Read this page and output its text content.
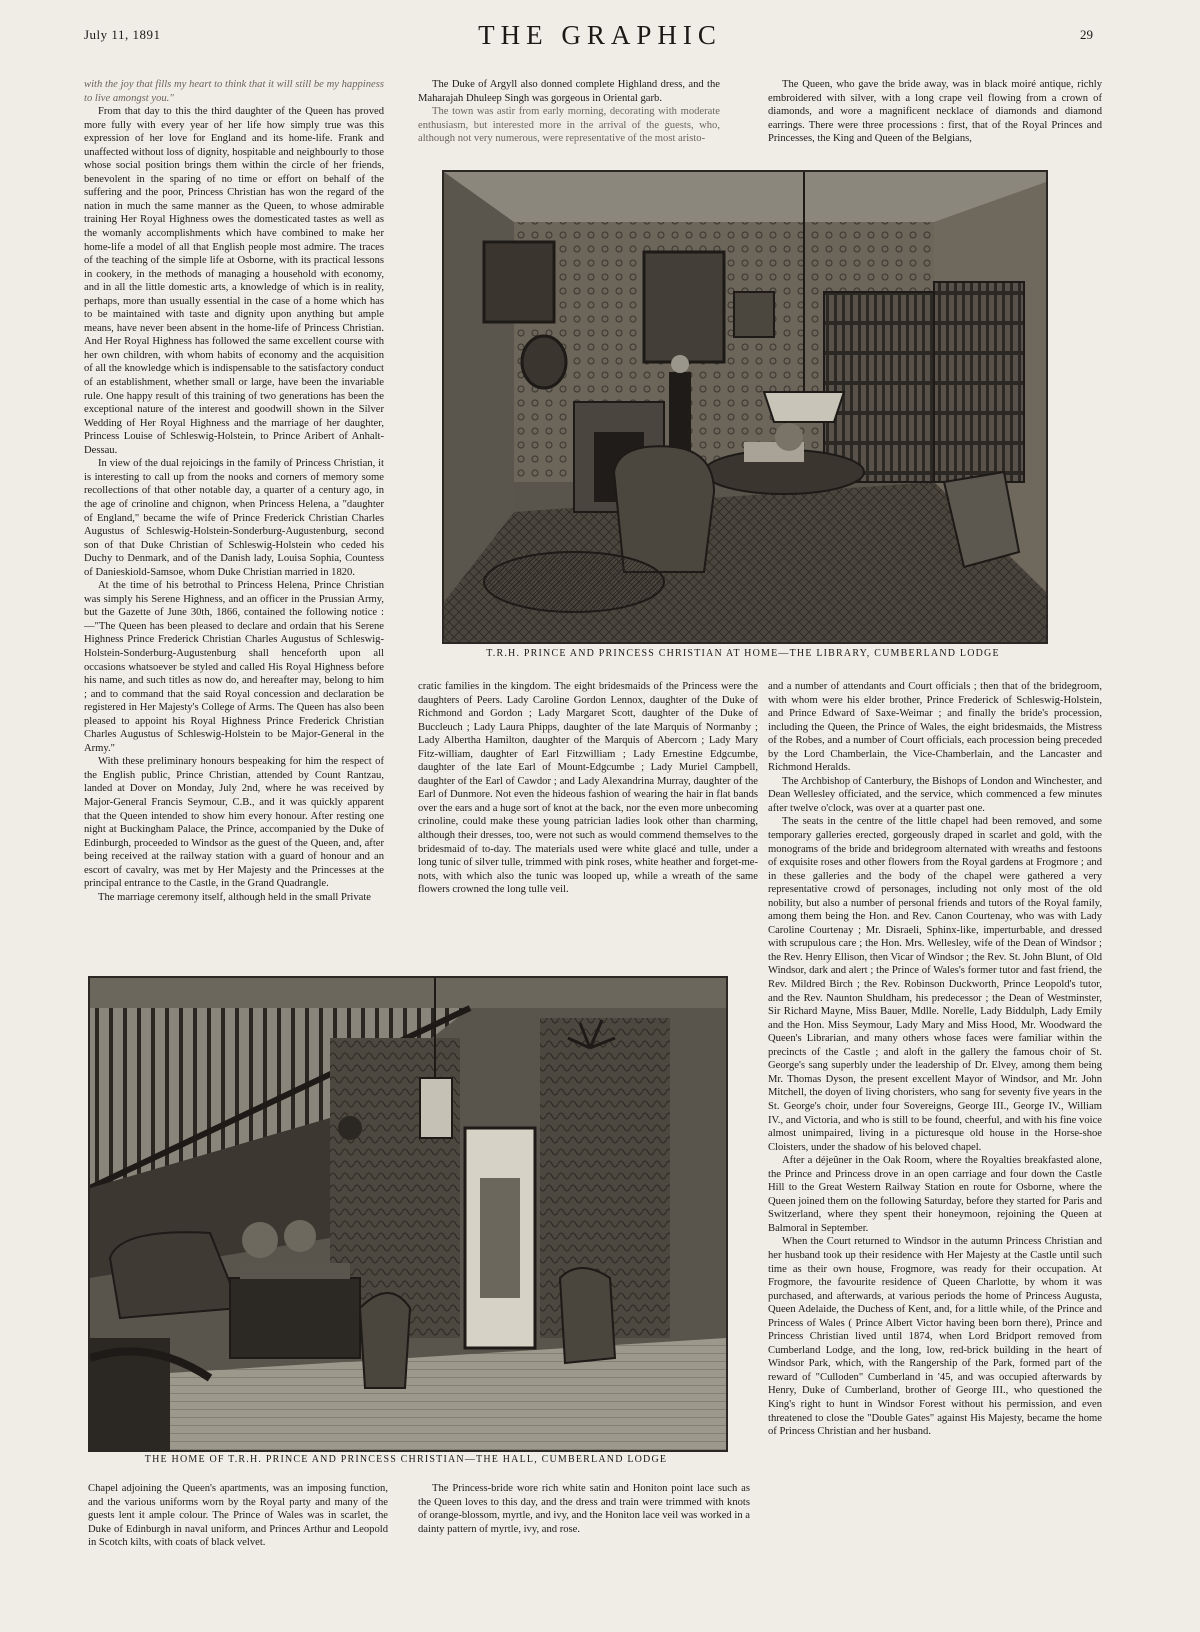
July 11, 1891	THE GRAPHIC	29

with the joy that fills my heart to think that it will still be my happiness to live amongst you."

From that day to this the third daughter of the Queen has proved more fully with every year of her life how simply true was this expression of her love for England and its home-life. Frank and unaffected without loss of dignity, hospitable and neighbourly to those whose social position brings them within the circle of her friends, benevolent in the sparing of no time or effort on behalf of the suffering and the poor, Princess Christian has won the regard of the nation in much the same manner as the Queen, to whose admirable training Her Royal Highness owes the domesticated tastes as well as the womanly accomplishments which have combined to make her home-life a model of all that English people most admire. The traces of the teaching of the simple life at Osborne, with its practical lessons in cookery, in the methods of managing a household with economy, and in all the little domestic arts, a knowledge of which is in reality, perhaps, more than usually essential in the case of a home which has to be maintained with taste and dignity upon anything but ample means, have never been absent in the home-life of Princess Christian. And Her Royal Highness has followed the same excellent course with her own children, with whom habits of economy and the acquisition of all the knowledge which is indispensable to the satisfactory conduct of an establishment, whether small or large, have been the invariable rule. One happy result of this training of two generations has been the exceptional nature of the interest and goodwill shown in the Silver Wedding of Her Royal Highness and the marriage of her daughter, Princess Louise of Schleswig-Holstein, to Prince Aribert of Anhalt-Dessau.

In view of the dual rejoicings in the family of Princess Christian, it is interesting to call up from the nooks and corners of memory some recollections of that other notable day, a quarter of a century ago, in the age of crinoline and chignon, when Princess Helena, a "daughter of England," became the wife of Prince Frederick Christian Charles Augustus of Schleswig-Holstein-Sonderburg-Augustenburg, second son of that Duke Christian of Schleswig-Holstein who ceded his Duchy to Denmark, and of the Danish lady, Louisa Sophia, Countess of Danieskiold-Samsoe, whom Duke Christian married in 1820.

At the time of his betrothal to Princess Helena, Prince Christian was simply his Serene Highness, and an officer in the Prussian Army, but the Gazette of June 30th, 1866, contained the following notice :—"The Queen has been pleased to declare and ordain that his Serene Highness Prince Frederick Christian Charles Augustus of Schleswig-Holstein-Sonderburg-Augustenburg shall henceforth upon all occasions whatsoever be styled and called His Royal Highness before his name, and such titles as now do, and hereafter may, belong to him ; and to command that the said Royal concession and declaration be registered in Her Majesty's College of Arms. The Queen has also been pleased to appoint his Royal Highness Prince Frederick Christian Charles Augustus of Schleswig-Holstein to be Major-General in the Army."

With these preliminary honours bespeaking for him the respect of the English public, Prince Christian, attended by Count Rantzau, landed at Dover on Monday, July 2nd, where he was received by Major-General Francis Seymour, C.B., and it was quickly apparent that the Queen intended to show him every honour. After resting one night at Buckingham Palace, the Prince, accompanied by the Duke of Edinburgh, proceeded to Windsor as the guest of the Queen, and, after being received at the railway station with a guard of honour and an escort of cavalry, was met by Her Majesty and the Princesses at the principal entrance to the Castle, in the Grand Quadrangle.

The marriage ceremony itself, although held in the small Private

The Duke of Argyll also donned complete Highland dress, and the Maharajah Dhuleep Singh was gorgeous in Oriental garb.

The town was astir from early morning, decorating with moderate enthusiasm, but interested more in the arrival of the guests, who, although not very numerous, were representative of the most aristo-

The Queen, who gave the bride away, was in black moiré antique, richly embroidered with silver, with a long crape veil flowing from a crown of diamonds, and wore a magnificent necklace of diamonds and diamond earrings. There were three processions : first, that of the Royal Princes and Princesses, the King and Queen of the Belgians,

T.R.H. PRINCE AND PRINCESS CHRISTIAN AT HOME—THE LIBRARY, CUMBERLAND LODGE

cratic families in the kingdom. The eight bridesmaids of the Princess were the daughters of Peers. Lady Caroline Gordon Lennox, daughter of the Duke of Richmond and Gordon ; Lady Margaret Scott, daughter of the Duke of Buccleuch ; Lady Laura Phipps, daughter of the late Marquis of Normanby ; Lady Albertha Hamilton, daughter of the Marquis of Abercorn ; Lady Mary Fitz-william, daughter of Earl Fitzwilliam ; Lady Ernestine Edgcumbe, daughter of the late Earl of Mount-Edgcumbe ; Lady Muriel Campbell, daughter of the Earl of Cawdor ; and Lady Alexandrina Murray, daughter of the Earl of Dunmore. Not even the hideous fashion of wearing the hair in flat bands over the ears and a huge sort of knot at the back, nor the even more unbecoming crinoline, could make these young patrician ladies look other than charming, although their dresses, too, were not such as would commend themselves to the bridesmaid of to-day. The materials used were white glacé and tulle, under a long tunic of silver tulle, trimmed with pink roses, white heather and forget-me-nots, with which also the tunic was looped up, while a wreath of the same flowers crowned the long tulle veil.

and a number of attendants and Court officials ; then that of the bridegroom, with whom were his elder brother, Prince Frederick of Schleswig-Holstein, and Prince Edward of Saxe-Weimar ; and finally the bride's procession, including the Queen, the Prince of Wales, the eight bridesmaids, the Mistress of the Robes, and a number of Court officials, each procession being preceded by the Lord Chamberlain, the Vice-Chamberlain, and the Lancaster and Richmond Heralds.

The Archbishop of Canterbury, the Bishops of London and Winchester, and Dean Wellesley officiated, and the service, which commenced a few minutes after twelve o'clock, was over at a quarter past one.

The seats in the centre of the little chapel had been removed, and some temporary galleries erected, gorgeously draped in scarlet and gold, with the monograms of the bride and bridegroom alternated with wreaths and festoons of exquisite roses and other flowers from the Royal gardens at Frogmore ; and in these galleries and the body of the chapel were gathered a very representative crowd of personages, including not only most of the old nobility, but also a number of personal friends and tutors of the Royal family, among them being the Hon. and Rev. Canon Courtenay, who was with Lady Caroline Courtenay ; Mr. Disraeli, Sphinx-like, imperturbable, and dressed with scrupulous care ; the Hon. Mrs. Wellesley, wife of the Dean of Windsor ; the Rev. Henry Ellison, then Vicar of Windsor ; the Rev. St. John Blunt, of Old Windsor, dark and alert ; the Prince of Wales's former tutor and fast friend, the Rev. Mildred Birch ; the Rev. Robinson Duckworth, Prince Leopold's tutor, and the Rev. Naunton Shuldham, his predecessor ; the Dean of Westminster, Sir Richard Mayne, Miss Bauer, Mdlle. Norelle, Lady Biddulph, Lady Emily and the Hon. Miss Seymour, Lady Mary and Miss Hood, Mr. Woodward the Queen's Librarian, and many others whose faces were familiar within the precincts of the Castle ; and aloft in the gallery the famous choir of St. George's sang superbly under the leadership of Dr. Elvey, among them being Mr. Thomas Dyson, the present excellent Mayor of Windsor, and Mr. John Mitchell, the doyen of living choristers, who sang for seventy five years in the St. George's choir, under four Sovereigns, George III., George IV., William IV., and Victoria, and who is still to be found, cheerful, and with his fine voice almost unimpaired, living in a picturesque old house in the Horse-shoe Cloisters, under the shadow of his beloved chapel.

After a déjeûner in the Oak Room, where the Royalties breakfasted alone, the Prince and Princess drove in an open carriage and four down the Castle Hill to the Great Western Railway Station en route for Osborne, where the Queen joined them on the following Saturday, before they started for Paris and Switzerland, where they spent their honeymoon, rejoining the Queen at Balmoral in September.

When the Court returned to Windsor in the autumn Princess Christian and her husband took up their residence with Her Majesty at the Castle until such time as their own house, Frogmore, was ready for their occupation. At Frogmore, the favourite residence of Queen Charlotte, by whom it was purchased, and afterwards, at various periods the home of Princess Augusta, Queen Adelaide, the Duchess of Kent, and, for a little while, of the Prince and Princess of Wales ( Prince Albert Victor having been born there), Prince and Princess Christian lived until 1874, when Lord Bridport removed from Cumberland Lodge, and the long, low, red-brick building in the heart of Windsor Park, which, with the Rangership of the Park, formed part of the reward of "Culloden" Cumberland in '45, and was occupied afterwards by Henry, Duke of Cumberland, brother of George III., who questioned the King's right to hunt in Windsor Forest without his permission, and even threatened to close the "Double Gates" against His Majesty, became the home of Princess Christian and her husband.

THE HOME OF T.R.H. PRINCE AND PRINCESS CHRISTIAN—THE HALL, CUMBERLAND LODGE

Chapel adjoining the Queen's apartments, was an imposing function, and the various uniforms worn by the Royal party and many of the guests lent it ample colour. The Prince of Wales was in scarlet, the Duke of Edinburgh in naval uniform, and Princes Arthur and Leopold in Scotch kilts, with coats of black velvet.

The Princess-bride wore rich white satin and Honiton point lace such as the Queen loves to this day, and the dress and train were trimmed with knots of orange-blossom, myrtle, and ivy, and the Honiton lace veil was worked in a dainty pattern of myrtle, ivy, and rose.
